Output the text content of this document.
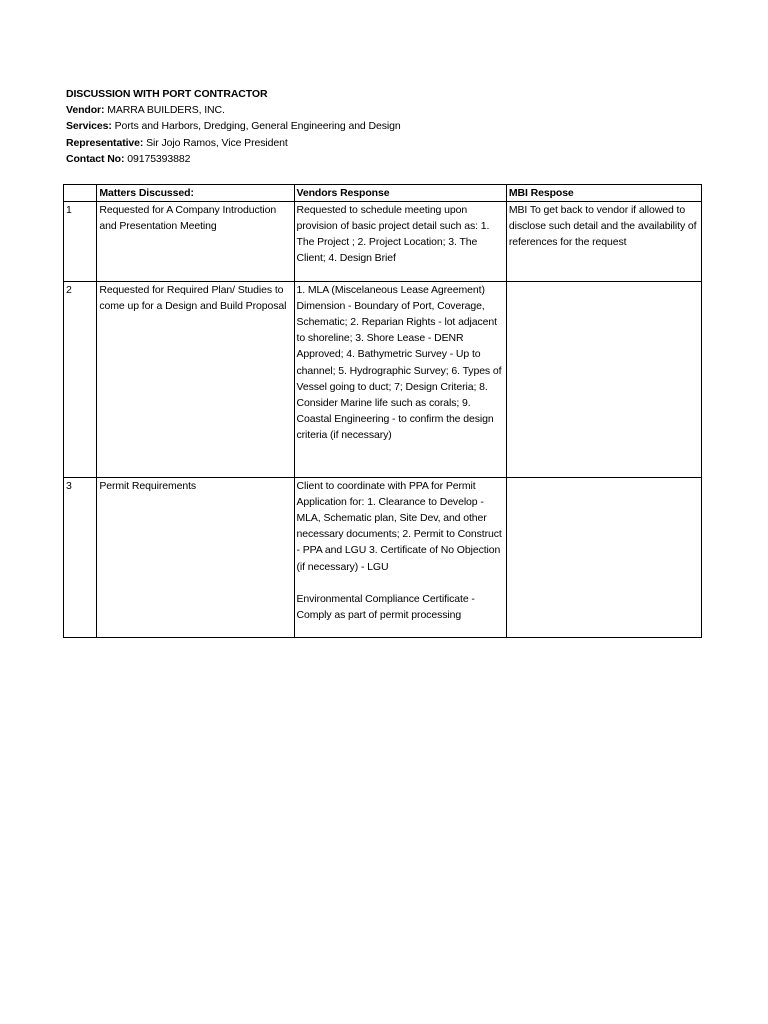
DISCUSSION WITH PORT CONTRACTOR
Vendor: MARRA BUILDERS, INC.
Services: Ports and Harbors, Dredging, General Engineering and Design
Representative: Sir Jojo Ramos, Vice President
Contact No: 09175393882
	Matters Discussed:	Vendors Response	MBI Respose
1	Requested for A Company Introduction and Presentation Meeting	Requested to schedule meeting upon provision of basic project detail such as: 1. The Project ; 2. Project Location; 3. The Client; 4. Design Brief	MBI To get back to vendor if allowed to disclose such detail and the availability of references for the request
2	Requested for Required Plan/ Studies to come up for a Design and Build Proposal	1. MLA (Miscelaneous Lease Agreement) Dimension - Boundary of Port, Coverage, Schematic; 2. Reparian Rights - lot adjacent to shoreline; 3. Shore Lease - DENR Approved; 4. Bathymetric Survey - Up to channel; 5. Hydrographic Survey; 6. Types of Vessel going to duct; 7; Design Criteria; 8. Consider Marine life such as corals; 9. Coastal Engineering - to confirm the design criteria (if necessary)	
3	Permit Requirements	Client to coordinate with PPA for Permit Application for: 1. Clearance to Develop - MLA, Schematic plan, Site Dev, and other necessary documents; 2. Permit to Construct - PPA and LGU 3. Certificate of No Objection (if necessary) - LGU
Environmental Compliance Certificate - Comply as part of permit processing	
